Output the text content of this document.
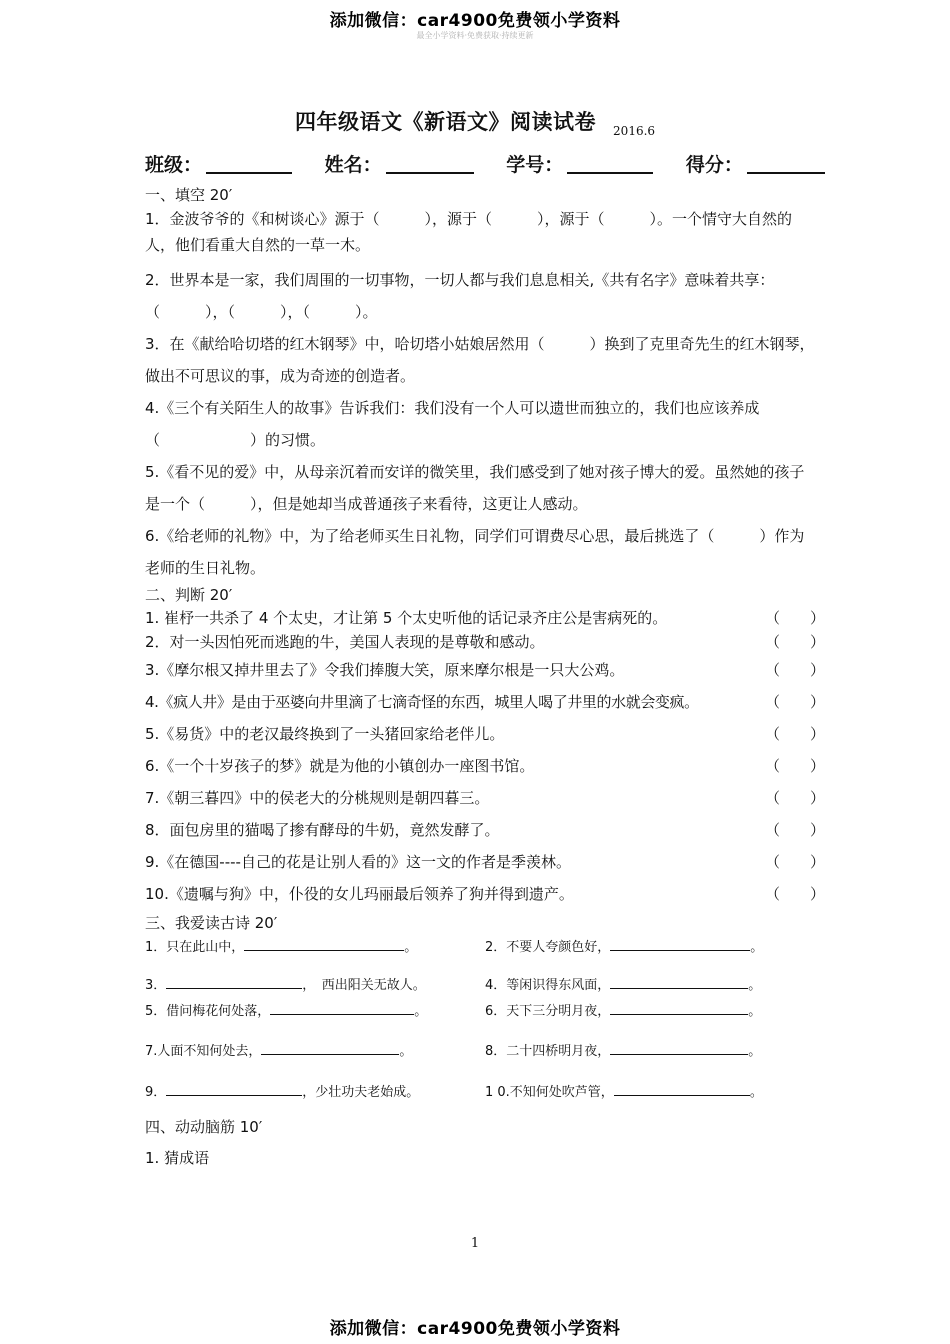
添加微信：car4900免费领小学资料
最全小学资料·免费获取·持续更新
四年级语文《新语文》阅读试卷 $_{2016.6}$
班级：	姓名：	学号：	得分：
一、填空 20′

1．金波爷爷的《和树谈心》源于（　　　），源于（　　　），源于（　　　）。一个情守大自然的人，他们看重大自然的一草一木。

2．世界本是一家，我们周围的一切事物，一切人都与我们息息相关,《共有名字》意味着共享：（　　　），（　　　），（　　　）。

3．在《献给哈切塔的红木钢琴》中，哈切塔小姑娘居然用（　　　）换到了克里奇先生的红木钢琴，做出不可思议的事，成为奇迹的创造者。

4.《三个有关陌生人的故事》告诉我们：我们没有一个人可以遗世而独立的，我们也应该养成（　　　　　　）的习惯。

5.《看不见的爱》中，从母亲沉着而安详的微笑里，我们感受到了她对孩子博大的爱。虽然她的孩子是一个（　　　），但是她却当成普通孩子来看待，这更让人感动。

6.《给老师的礼物》中，为了给老师买生日礼物，同学们可谓费尽心思，最后挑选了（　　　）作为老师的生日礼物。

二、判断 20′
1. 崔杼一共杀了 4 个太史，才让第 5 个太史听他的话记录齐庄公是害病死的。	（　　）
2．对一头因怕死而逃跑的牛，美国人表现的是尊敬和感动。	（　　）
3.《摩尔根又掉井里去了》令我们捧腹大笑，原来摩尔根是一只大公鸡。	（　　）
4.《疯人井》是由于巫婆向井里滴了七滴奇怪的东西，城里人喝了井里的水就会变疯。	（　　）
5.《易货》中的老汉最终换到了一头猪回家给老伴儿。	（　　）
6.《一个十岁孩子的梦》就是为他的小镇创办一座图书馆。	（　　）
7.《朝三暮四》中的侯老大的分桃规则是朝四暮三。	（　　）
8．面包房里的猫喝了掺有酵母的牛奶，竟然发酵了。	（　　）
9.《在德国----自己的花是让别人看的》这一文的作者是季羡林。	（　　）
10.《遗嘱与狗》中，仆役的女儿玛丽最后领养了狗并得到遗产。	（　　）
三、我爱读古诗 20′
1．只在此山中，	。	2．不要人夸颜色好，	。
3．	，　西出阳关无故人。	4．等闲识得东风面，	。
5．借问梅花何处落，	。	6．天下三分明月夜，	。
7.人面不知何处去，	。	8．二十四桥明月夜，	。
9．	，少壮功夫老始成。	1 0.不知何处吹芦管，	。
四、动动脑筋 10′

1. 猜成语

1
添加微信：car4900免费领小学资料
